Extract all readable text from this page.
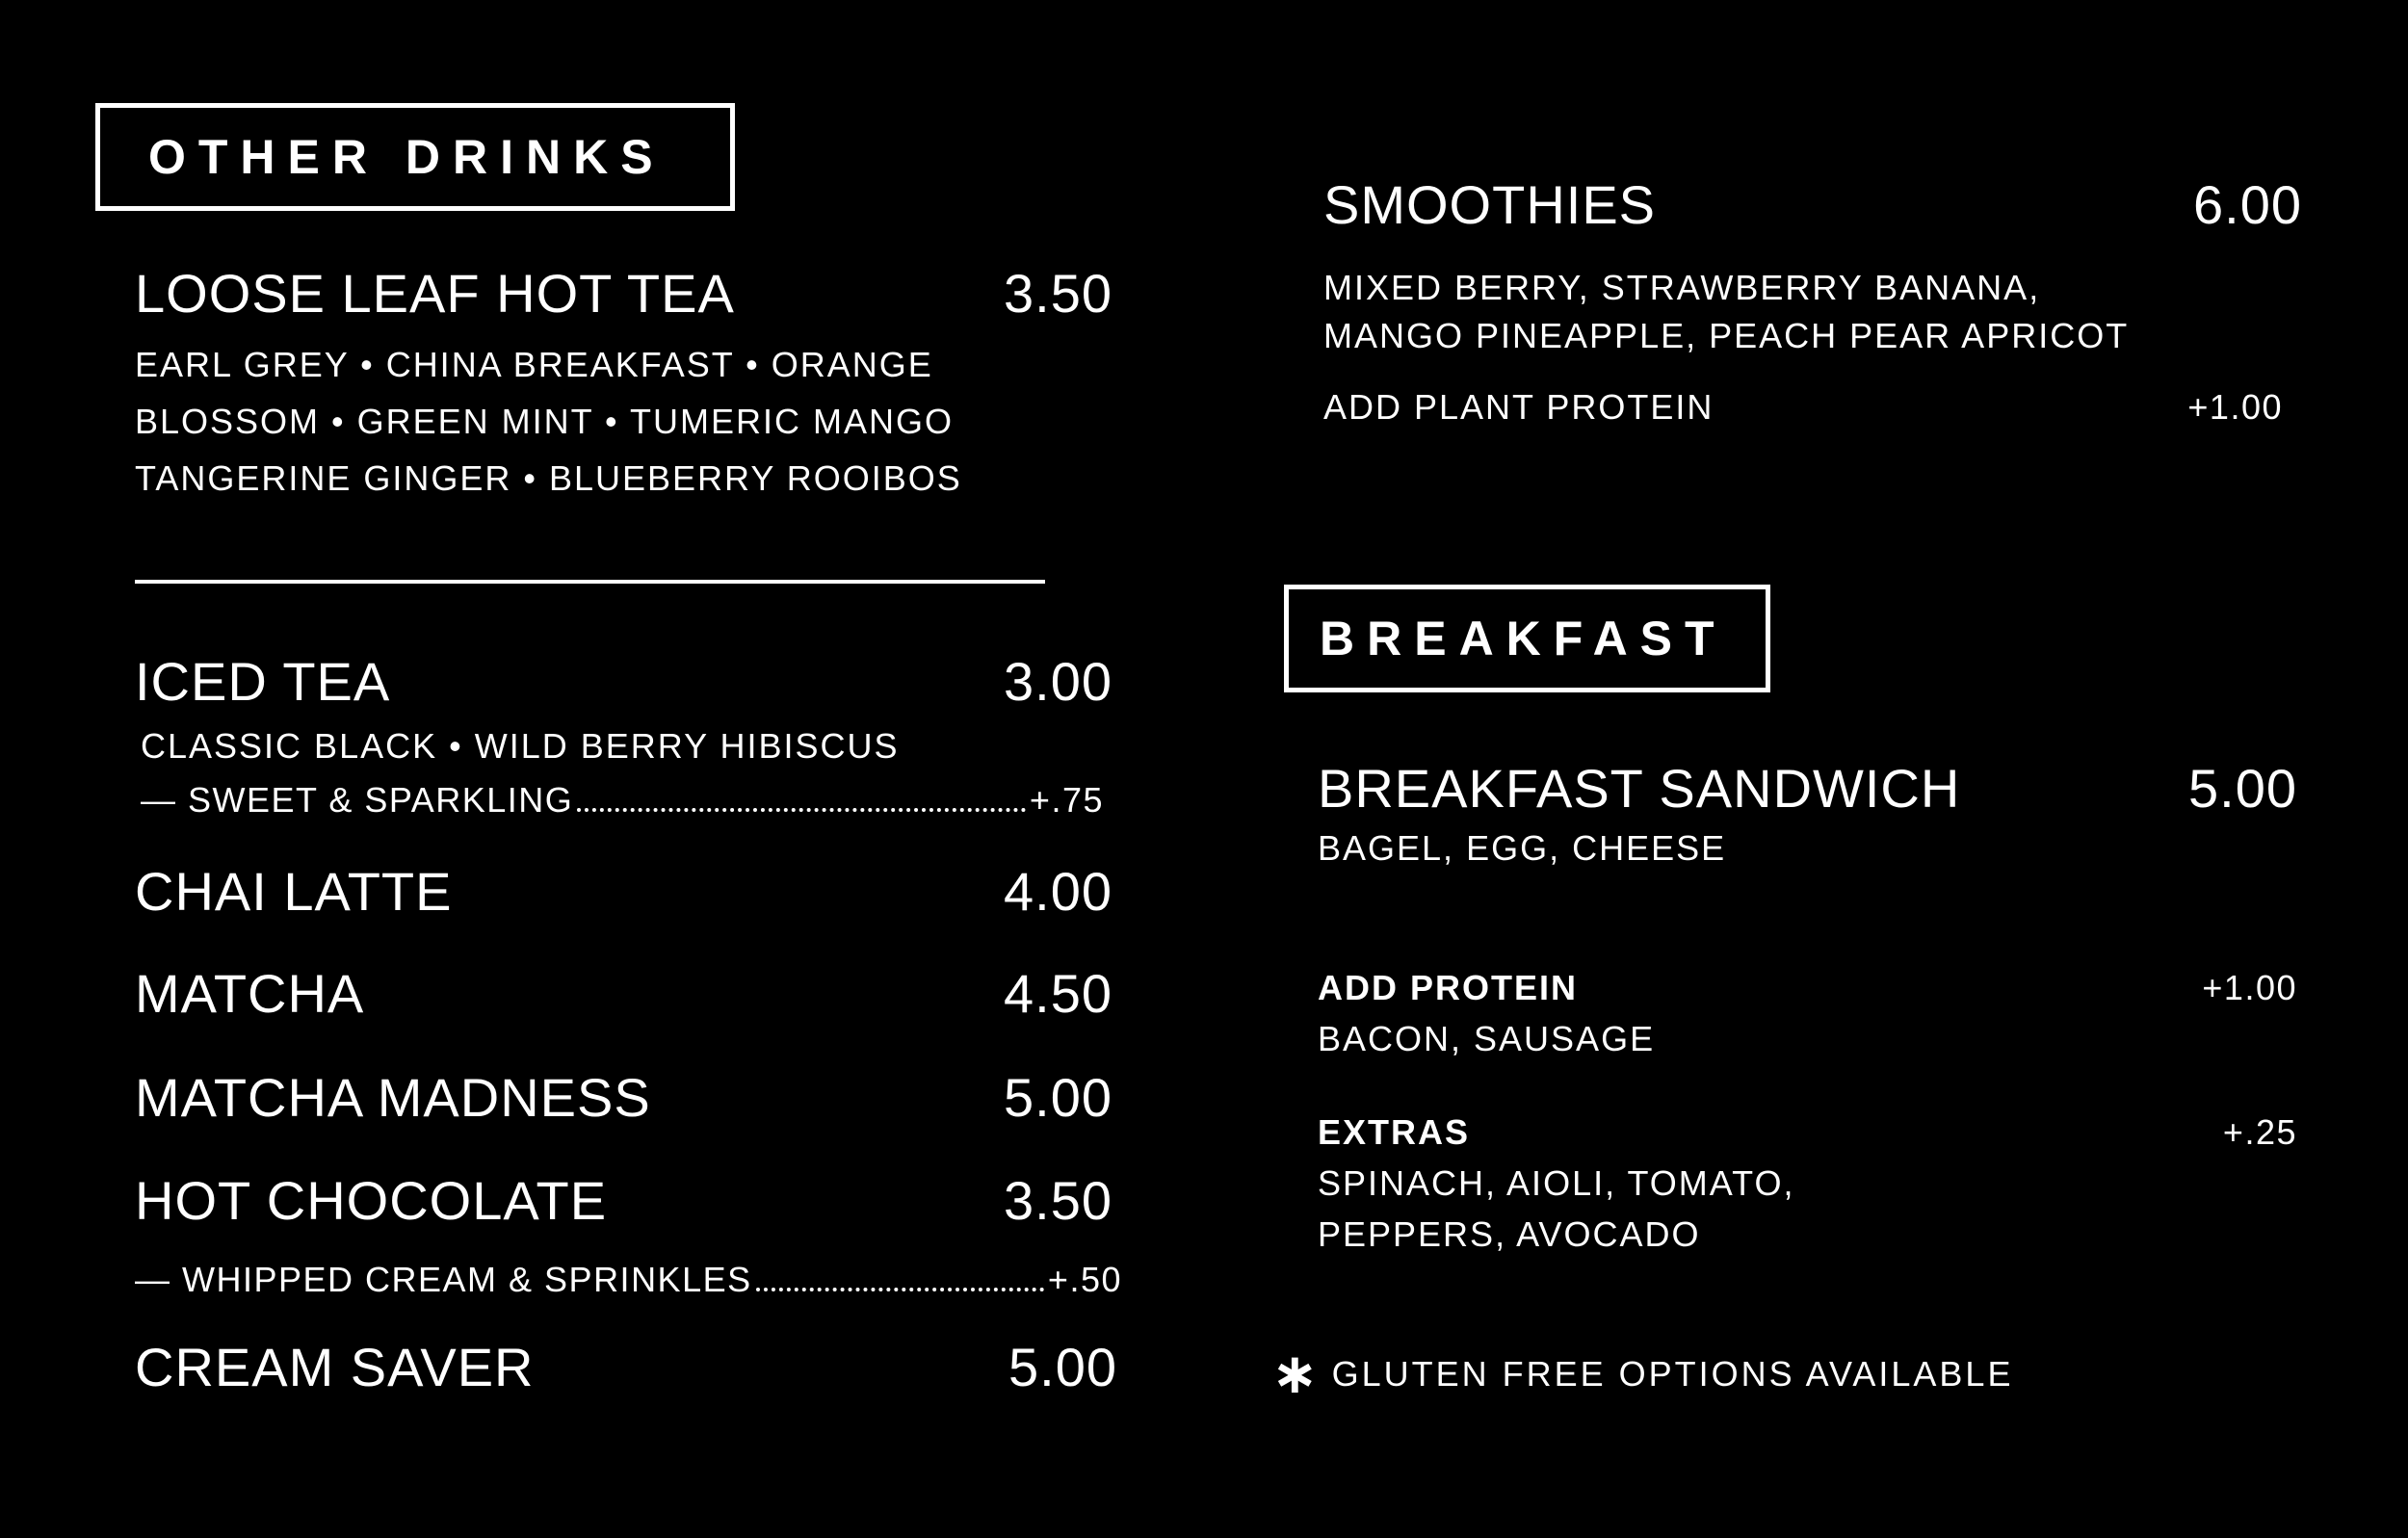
OTHER DRINKS
LOOSE LEAF HOT TEA	3.50
EARL GREY • CHINA BREAKFAST • ORANGE
BLOSSOM • GREEN MINT • TUMERIC MANGO
TANGERINE GINGER • BLUEBERRY ROOIBOS
ICED TEA	3.00
CLASSIC BLACK • WILD BERRY HIBISCUS
— SWEET & SPARKLING	+.75
CHAI LATTE	4.00
MATCHA	4.50
MATCHA MADNESS	5.00
HOT CHOCOLATE	3.50
— WHIPPED CREAM & SPRINKLES	+.50
CREAM SAVER	5.00
SMOOTHIES	6.00
MIXED BERRY, STRAWBERRY BANANA,
MANGO PINEAPPLE, PEACH PEAR APRICOT
ADD PLANT PROTEIN	+1.00
BREAKFAST
BREAKFAST SANDWICH	5.00
BAGEL, EGG, CHEESE
ADD PROTEIN	+1.00
BACON, SAUSAGE
EXTRAS	+.25
SPINACH, AIOLI, TOMATO,
PEPPERS, AVOCADO
∗ GLUTEN FREE OPTIONS AVAILABLE
